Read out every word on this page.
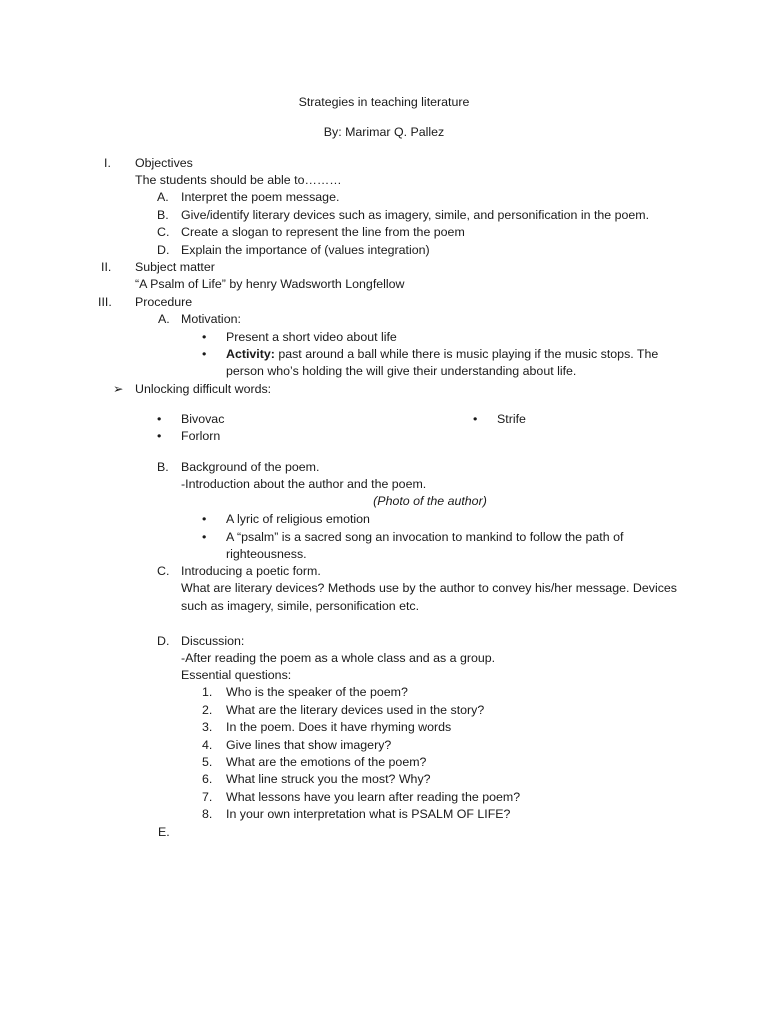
Strategies in teaching literature
By: Marimar Q. Pallez
I. Objectives
The students should be able to………
A. Interpret the poem message.
B. Give/identify literary devices such as imagery, simile, and personification in the poem.
C. Create a slogan to represent the line from the poem
D. Explain the importance of (values integration)
II. Subject matter
“A Psalm of Life” by henry Wadsworth Longfellow
III. Procedure
A. Motivation:
• Present a short video about life
• Activity: past around a ball while there is music playing if the music stops. The
person who’s holding the will give their understanding about life.
➢ Unlocking difficult words:
• Bivovac
• Forlorn
• Strife
B. Background of the poem.
-Introduction about the author and the poem.
(Photo of the author)
• A lyric of religious emotion
• A “psalm” is a sacred song an invocation to mankind to follow the path of
righteousness.
C. Introducing a poetic form.
What are literary devices? Methods use by the author to convey his/her message. Devices such as imagery, simile, personification etc.
D. Discussion:
-After reading the poem as a whole class and as a group.
Essential questions:
1. Who is the speaker of the poem?
2. What are the literary devices used in the story?
3. In the poem. Does it have rhyming words
4. Give lines that show imagery?
5. What are the emotions of the poem?
6. What line struck you the most? Why?
7. What lessons have you learn after reading the poem?
8. In your own interpretation what is PSALM OF LIFE?
E.
